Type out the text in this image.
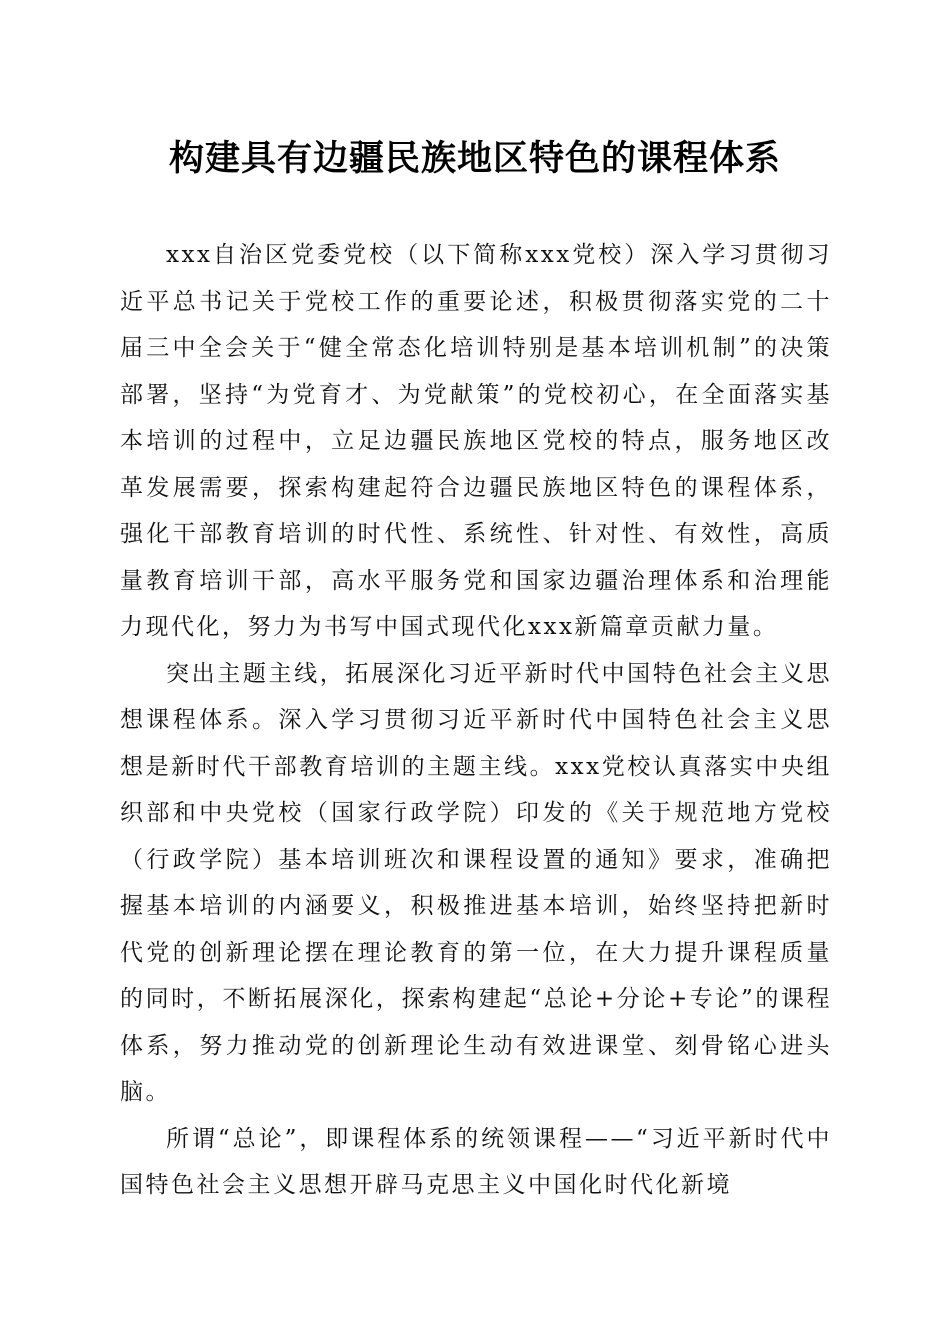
构建具有边疆民族地区特色的课程体系

xxx自治区党委党校（以下简称xxx党校）深入学习贯彻习近平总书记关于党校工作的重要论述，积极贯彻落实党的二十届三中全会关于“健全常态化培训特别是基本培训机制”的决策部署，坚持“为党育才、为党献策”的党校初心，在全面落实基本培训的过程中，立足边疆民族地区党校的特点，服务地区改革发展需要，探索构建起符合边疆民族地区特色的课程体系，强化干部教育培训的时代性、系统性、针对性、有效性，高质量教育培训干部，高水平服务党和国家边疆治理体系和治理能力现代化，努力为书写中国式现代化xxx新篇章贡献力量。

突出主题主线，拓展深化习近平新时代中国特色社会主义思想课程体系。深入学习贯彻习近平新时代中国特色社会主义思想是新时代干部教育培训的主题主线。xxx党校认真落实中央组织部和中央党校（国家行政学院）印发的《关于规范地方党校（行政学院）基本培训班次和课程设置的通知》要求，准确把握基本培训的内涵要义，积极推进基本培训，始终坚持把新时代党的创新理论摆在理论教育的第一位，在大力提升课程质量的同时，不断拓展深化，探索构建起“总论+分论+专论”的课程体系，努力推动党的创新理论生动有效进课堂、刻骨铭心进头脑。

所谓“总论”，即课程体系的统领课程——“习近平新时代中国特色社会主义思想开辟马克思主义中国化时代化新境
